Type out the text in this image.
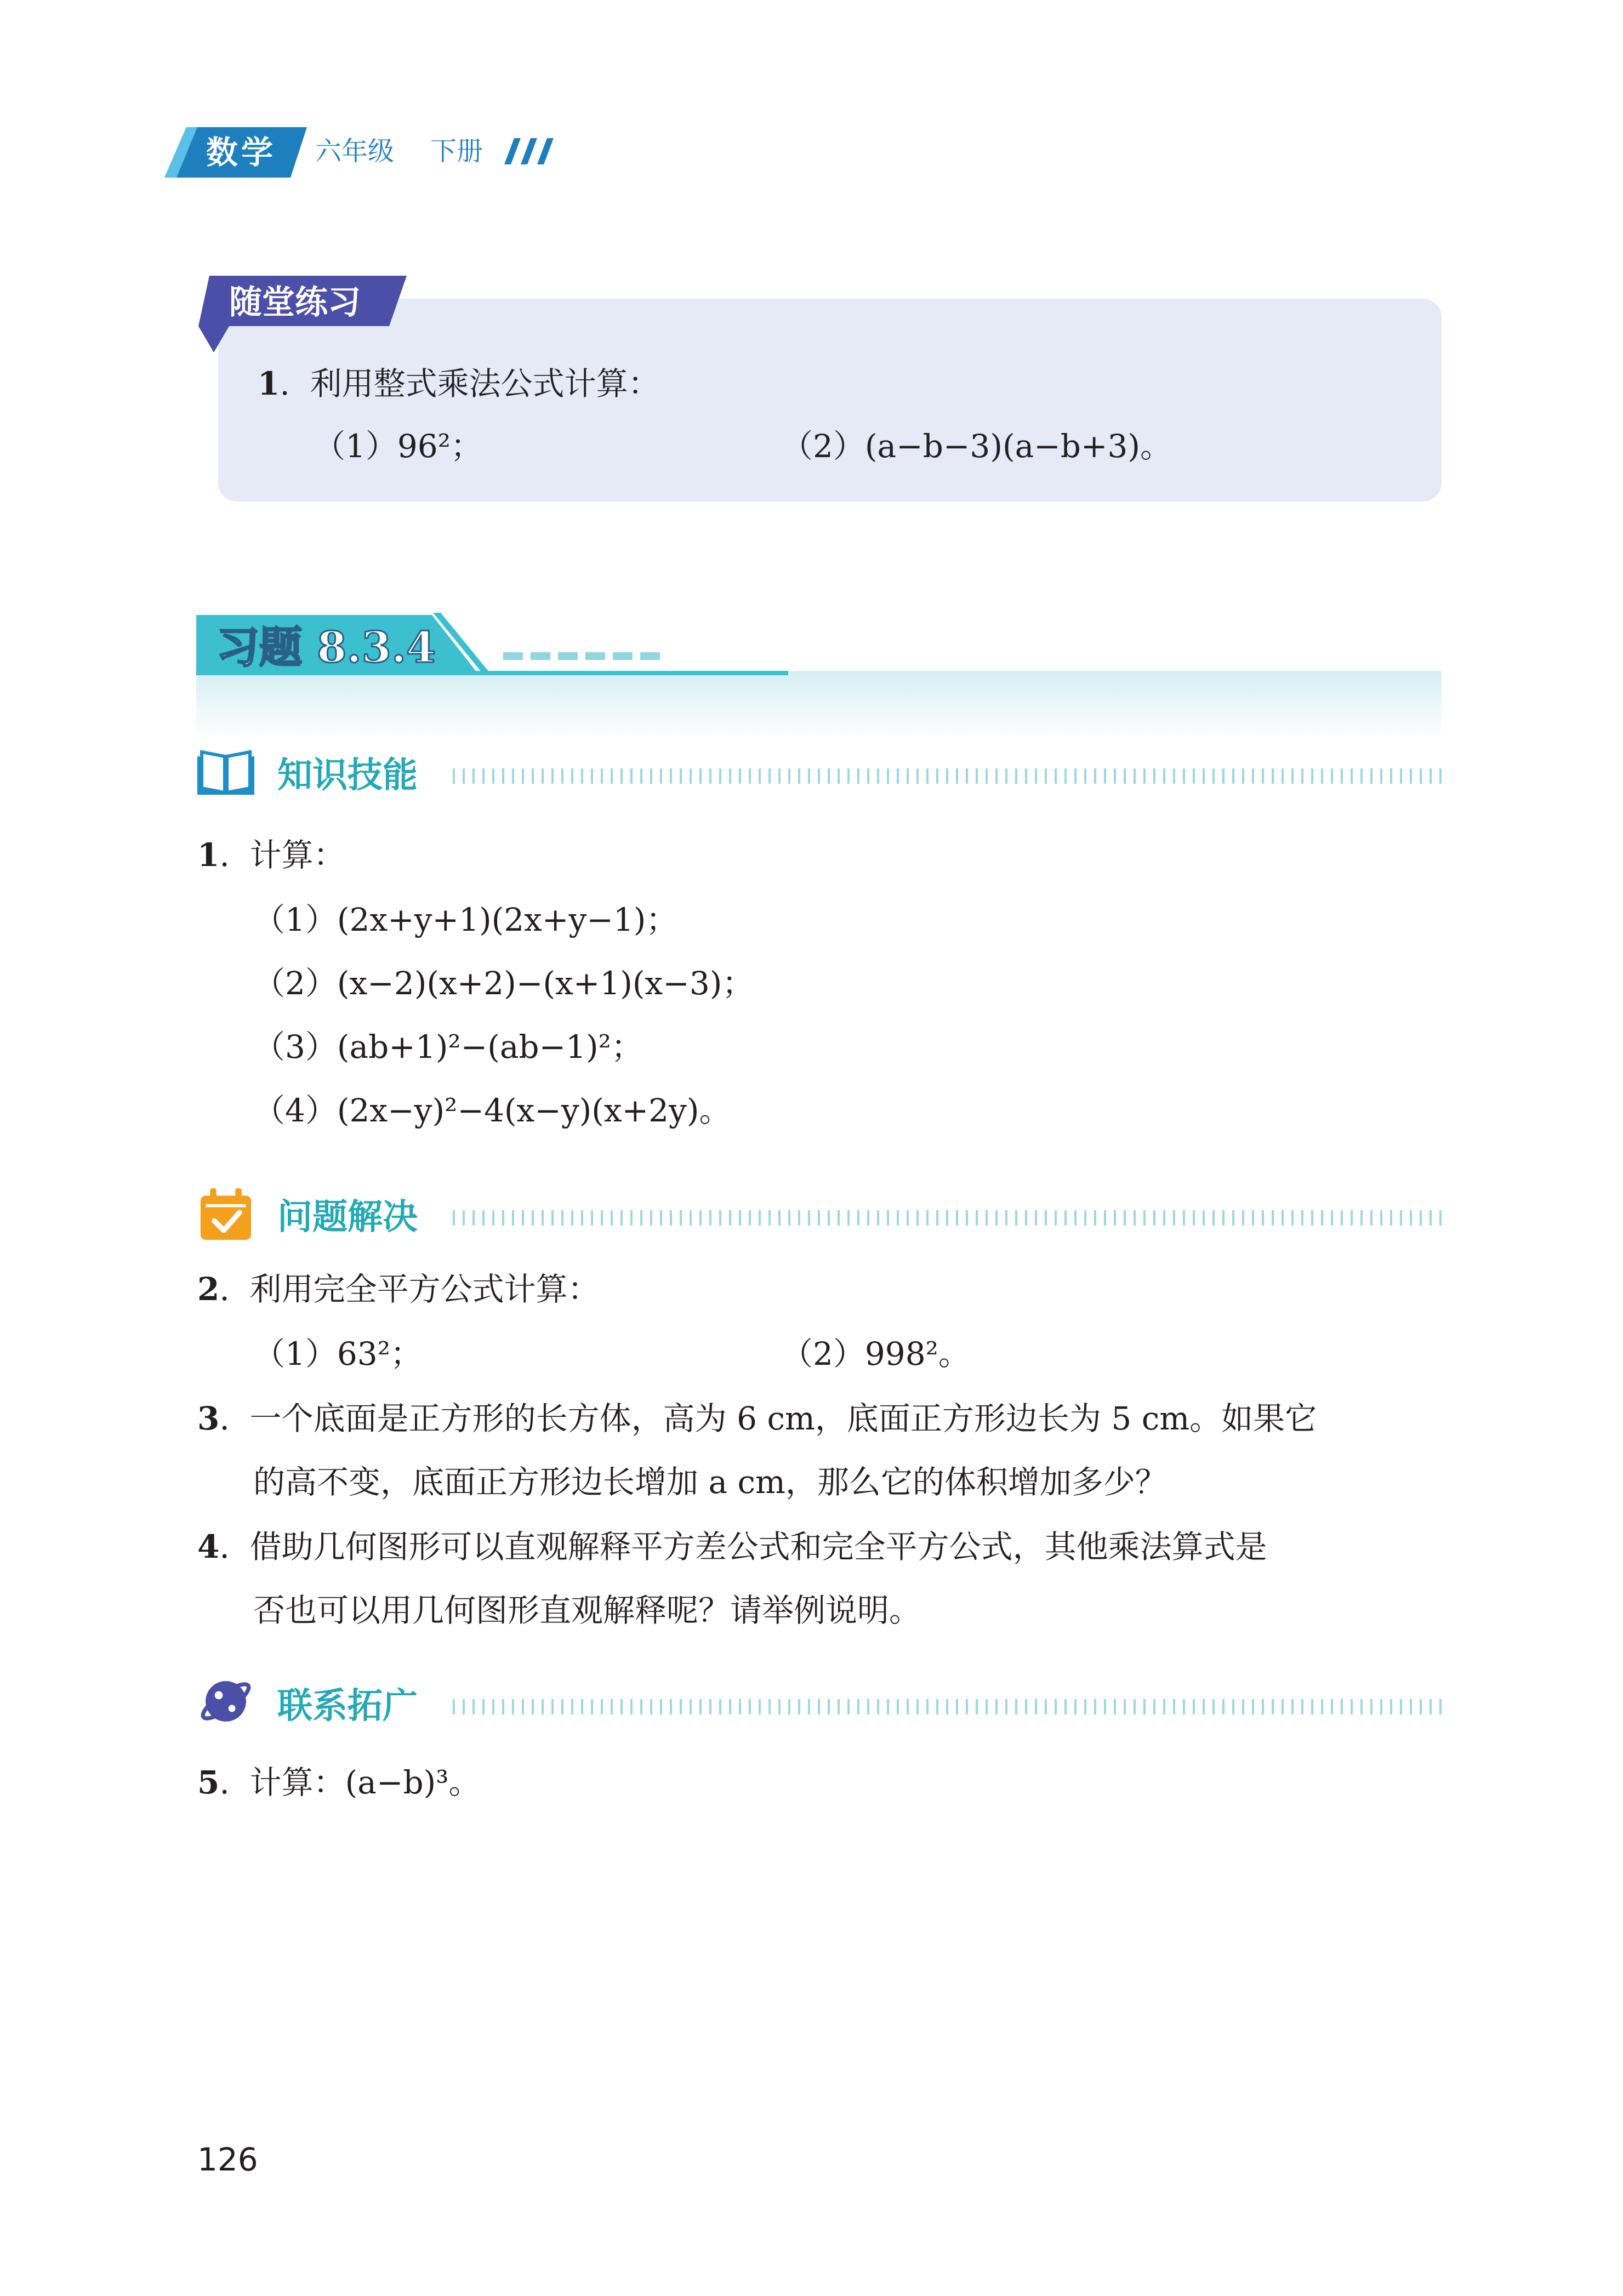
数学	六年级 下册
随堂练习
1.  利用整式乘法公式计算：
（1）96²；	（2）(a−b−3)(a−b+3)。
习题 8.3.4
知识技能
1.  计算：
（1）(2x+y+1)(2x+y−1)；
（2）(x−2)(x+2)−(x+1)(x−3)；
（3）(ab+1)²−(ab−1)²；
（4）(2x−y)²−4(x−y)(x+2y)。
问题解决
2.  利用完全平方公式计算：
（1）63²；	（2）998²。
3.  一个底面是正方形的长方体，高为 6 cm，底面正方形边长为 5 cm。如果它
的高不变，底面正方形边长增加 a cm，那么它的体积增加多少？
4.  借助几何图形可以直观解释平方差公式和完全平方公式，其他乘法算式是
否也可以用几何图形直观解释呢？请举例说明。
联系拓广
5.  计算：(a−b)³。
126
